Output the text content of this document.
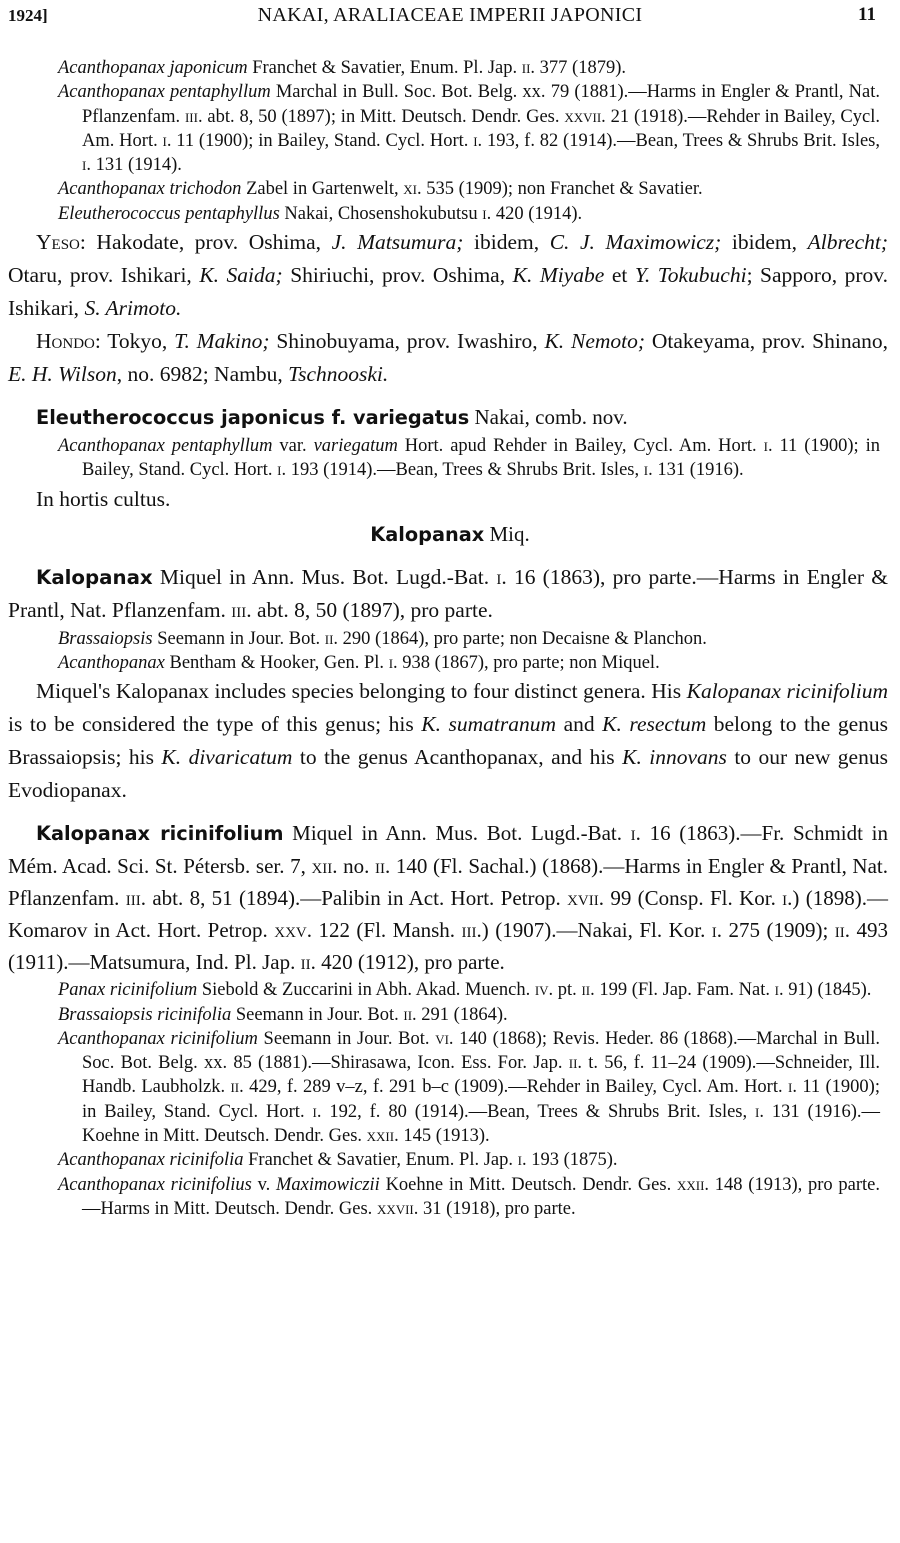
1924]	NAKAI, ARALIACEAE IMPERII JAPONICI	11
Acanthopanax japonicum Franchet & Savatier, Enum. Pl. Jap. ii. 377 (1879).
Acanthopanax pentaphyllum Marchal in Bull. Soc. Bot. Belg. xx. 79 (1881).—Harms in Engler & Prantl, Nat. Pflanzenfam. iii. abt. 8, 50 (1897); in Mitt. Deutsch. Dendr. Ges. xxvii. 21 (1918).—Rehder in Bailey, Cycl. Am. Hort. i. 11 (1900); in Bailey, Stand. Cycl. Hort. i. 193, f. 82 (1914).—Bean, Trees & Shrubs Brit. Isles, i. 131 (1914).
Acanthopanax trichodon Zabel in Gartenwelt, xi. 535 (1909); non Franchet & Savatier.
Eleutherococcus pentaphyllus Nakai, Chosenshokubutsu i. 420 (1914).
Yeso: Hakodate, prov. Oshima, J. Matsumura; ibidem, C. J. Maximowicz; ibidem, Albrecht; Otaru, prov. Ishikari, K. Saida; Shiriuchi, prov. Oshima, K. Miyabe et Y. Tokubuchi; Sapporo, prov. Ishikari, S. Arimoto.
Hondo: Tokyo, T. Makino; Shinobuyama, prov. Iwashiro, K. Nemoto; Otakeyama, prov. Shinano, E. H. Wilson, no. 6982; Nambu, Tschnooski.
Eleutherococcus japonicus f. variegatus Nakai, comb. nov.
Acanthopanax pentaphyllum var. variegatum Hort. apud Rehder in Bailey, Cycl. Am. Hort. i. 11 (1900); in Bailey, Stand. Cycl. Hort. i. 193 (1914).—Bean, Trees & Shrubs Brit. Isles, i. 131 (1916).
In hortis cultus.
Kalopanax Miq.
Kalopanax Miquel in Ann. Mus. Bot. Lugd.-Bat. i. 16 (1863), pro parte.—Harms in Engler & Prantl, Nat. Pflanzenfam. iii. abt. 8, 50 (1897), pro parte.
Brassaiopsis Seemann in Jour. Bot. ii. 290 (1864), pro parte; non Decaisne & Planchon.
Acanthopanax Bentham & Hooker, Gen. Pl. i. 938 (1867), pro parte; non Miquel.
Miquel's Kalopanax includes species belonging to four distinct genera. His Kalopanax ricinifolium is to be considered the type of this genus; his K. sumatranum and K. resectum belong to the genus Brassaiopsis; his K. divaricatum to the genus Acanthopanax, and his K. innovans to our new genus Evodiopanax.
Kalopanax ricinifolium Miquel in Ann. Mus. Bot. Lugd.-Bat. i. 16 (1863).—Fr. Schmidt in Mém. Acad. Sci. St. Pétersb. ser. 7, xii. no. ii. 140 (Fl. Sachal.) (1868).—Harms in Engler & Prantl, Nat. Pflanzenfam. iii. abt. 8, 51 (1894).—Palibin in Act. Hort. Petrop. xvii. 99 (Consp. Fl. Kor. i.) (1898).—Komarov in Act. Hort. Petrop. xxv. 122 (Fl. Mansh. iii.) (1907).—Nakai, Fl. Kor. i. 275 (1909); ii. 493 (1911).—Matsumura, Ind. Pl. Jap. ii. 420 (1912), pro parte.
Panax ricinifolium Siebold & Zuccarini in Abh. Akad. Muench. iv. pt. ii. 199 (Fl. Jap. Fam. Nat. i. 91) (1845).
Brassaiopsis ricinifolia Seemann in Jour. Bot. ii. 291 (1864).
Acanthopanax ricinifolium Seemann in Jour. Bot. vi. 140 (1868); Revis. Heder. 86 (1868).—Marchal in Bull. Soc. Bot. Belg. xx. 85 (1881).—Shirasawa, Icon. Ess. For. Jap. ii. t. 56, f. 11–24 (1909).—Schneider, Ill. Handb. Laubholzk. ii. 429, f. 289 v–z, f. 291 b–c (1909).—Rehder in Bailey, Cycl. Am. Hort. i. 11 (1900); in Bailey, Stand. Cycl. Hort. i. 192, f. 80 (1914).—Bean, Trees & Shrubs Brit. Isles, i. 131 (1916).—Koehne in Mitt. Deutsch. Dendr. Ges. xxii. 145 (1913).
Acanthopanax ricinifolia Franchet & Savatier, Enum. Pl. Jap. i. 193 (1875).
Acanthopanax ricinifolius v. Maximowiczii Koehne in Mitt. Deutsch. Dendr. Ges. xxii. 148 (1913), pro parte.—Harms in Mitt. Deutsch. Dendr. Ges. xxvii. 31 (1918), pro parte.
